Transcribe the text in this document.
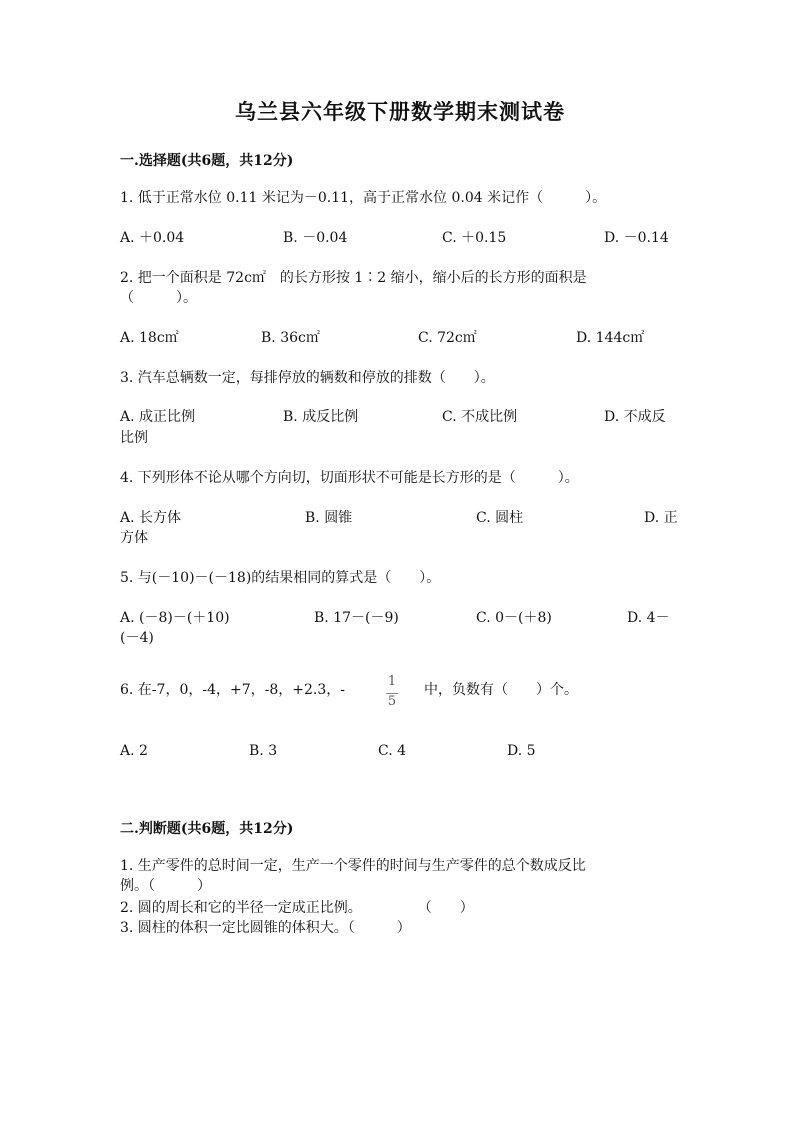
乌兰县六年级下册数学期末测试卷
一.选择题(共6题，共12分)
1. 低于正常水位 0.11 米记为－0.11，高于正常水位 0.04 米记作（　　　）。
A. ＋0.04	B. －0.04	C. ＋0.15	D. －0.14
2. 把一个面积是 72c㎡　的长方形按 1∶2 缩小，缩小后的长方形的面积是
（　　　）。
A. 18c㎡	B. 36c㎡	C. 72c㎡	D. 144c㎡
3. 汽车总辆数一定，每排停放的辆数和停放的排数（　　）。
A. 成正比例	B. 成反比例	C. 不成比例	D. 不成反
比例
4. 下列形体不论从哪个方向切，切面形状不可能是长方形的是（　　　）。
A. 长方体	B. 圆锥	C. 圆柱	D. 正
方体
5. 与(－10)－(－18)的结果相同的算式是（　　）。
A. (－8)－(＋10)	B. 17－(－9)	C. 0－(＋8)	D. 4－
(－4)
6. 在-7，0，-4，+7，-8，+2.3，-
1
5
中，负数有（　　）个。
A. 2	B. 3	C. 4	D. 5
二.判断题(共6题，共12分)
1. 生产零件的总时间一定，生产一个零件的时间与生产零件的总个数成反比
例。（　　　）
2. 圆的周长和它的半径一定成正比例。　　　　　（　　）
3. 圆柱的体积一定比圆锥的体积大。（　　　）
